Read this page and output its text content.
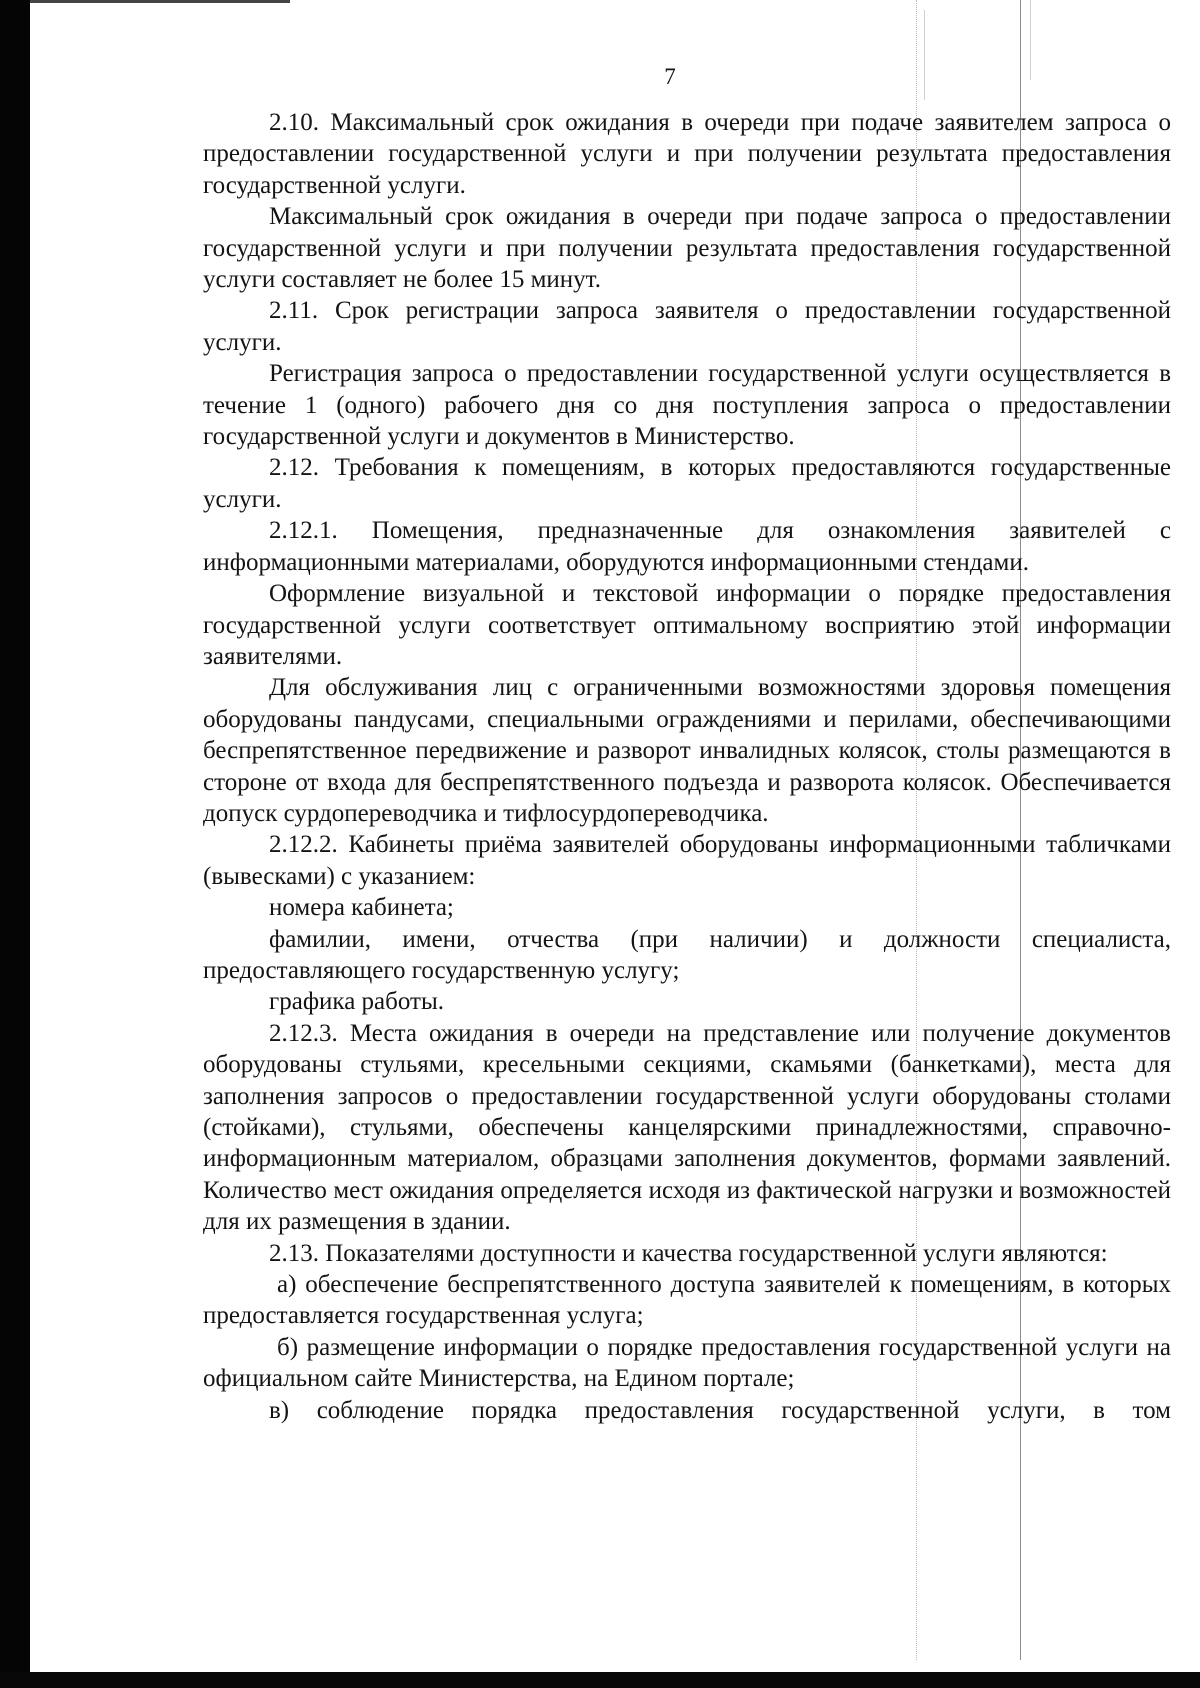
7

2.10. Максимальный срок ожидания в очереди при подаче заявителем запроса о предоставлении государственной услуги и при получении результата предоставления государственной услуги.

Максимальный срок ожидания в очереди при подаче запроса о предоставлении государственной услуги и при получении результата предоставления государственной услуги составляет не более 15 минут.

2.11. Срок регистрации запроса заявителя о предоставлении государственной услуги.

Регистрация запроса о предоставлении государственной услуги осуществляется в течение 1 (одного) рабочего дня со дня поступления запроса о предоставлении государственной услуги и документов в Министерство.

2.12. Требования к помещениям, в которых предоставляются государственные услуги.

2.12.1. Помещения, предназначенные для ознакомления заявителей с информационными материалами, оборудуются информационными стендами.

Оформление визуальной и текстовой информации о порядке предоставления государственной услуги соответствует оптимальному восприятию этой информации заявителями.

Для обслуживания лиц с ограниченными возможностями здоровья помещения оборудованы пандусами, специальными ограждениями и перилами, обеспечивающими беспрепятственное передвижение и разворот инвалидных колясок, столы размещаются в стороне от входа для беспрепятственного подъезда и разворота колясок. Обеспечивается допуск сурдопереводчика и тифлосурдопереводчика.

2.12.2. Кабинеты приёма заявителей оборудованы информационными табличками (вывесками) с указанием:

номера кабинета;

фамилии, имени, отчества (при наличии) и должности специалиста, предоставляющего государственную услугу;

графика работы.

2.12.3. Места ожидания в очереди на представление или получение документов оборудованы стульями, кресельными секциями, скамьями (банкетками), места для заполнения запросов о предоставлении государственной услуги оборудованы столами (стойками), стульями, обеспечены канцелярскими принадлежностями, справочно-информационным материалом, образцами заполнения документов, формами заявлений. Количество мест ожидания определяется исходя из фактической нагрузки и возможностей для их размещения в здании.

2.13. Показателями доступности и качества государственной услуги являются:

а) обеспечение беспрепятственного доступа заявителей к помещениям, в которых предоставляется государственная услуга;

б) размещение информации о порядке предоставления государственной услуги на официальном сайте Министерства, на Едином портале;

в) соблюдение порядка предоставления государственной услуги, в том
